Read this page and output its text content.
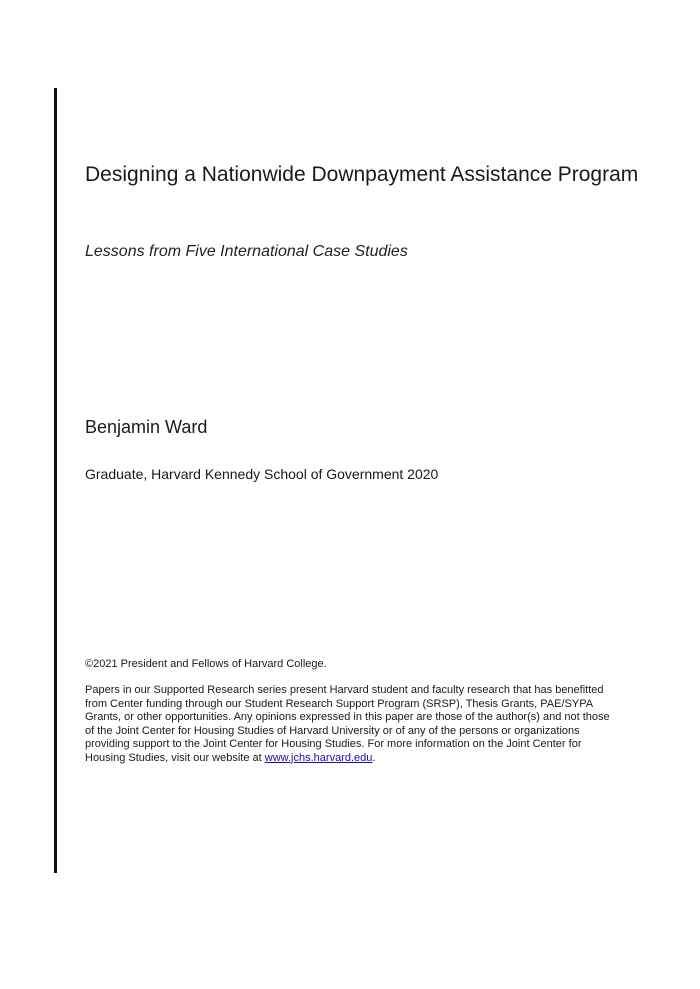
Designing a Nationwide Downpayment Assistance Program

Lessons from Five International Case Studies

Benjamin Ward

Graduate, Harvard Kennedy School of Government 2020

©2021 President and Fellows of Harvard College.

Papers in our Supported Research series present Harvard student and faculty research that has benefitted from Center funding through our Student Research Support Program (SRSP), Thesis Grants, PAE/SYPA Grants, or other opportunities. Any opinions expressed in this paper are those of the author(s) and not those of the Joint Center for Housing Studies of Harvard University or of any of the persons or organizations providing support to the Joint Center for Housing Studies. For more information on the Joint Center for Housing Studies, visit our website at www.jchs.harvard.edu.
